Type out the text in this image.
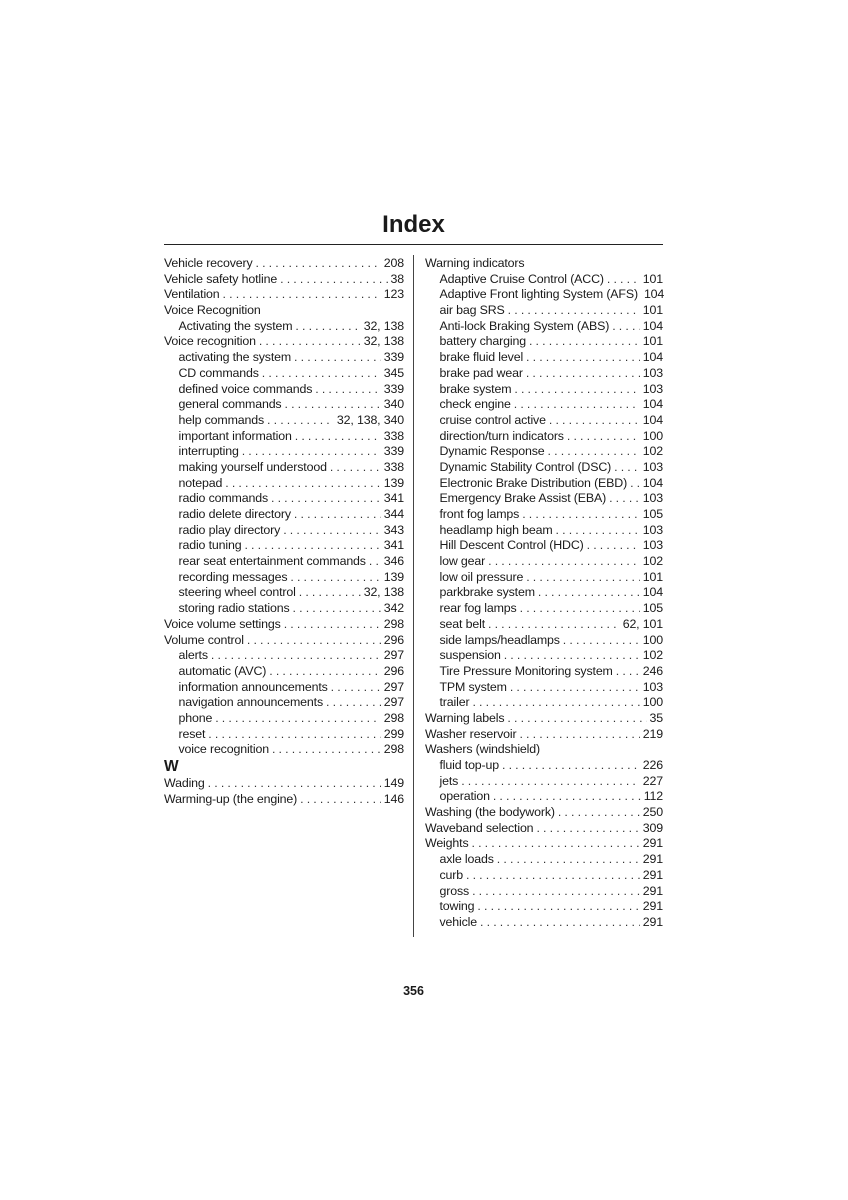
Index
Vehicle recovery . . .	208
Vehicle safety hotline . . .	38
Ventilation . . .	123
Voice Recognition
Activating the system . . .	32, 138
Voice recognition . . .	32, 138
activating the system . . .	339
CD commands . . .	345
defined voice commands . . .	339
general commands . . .	340
help commands . . .	32, 138, 340
important information . . .	338
interrupting . . .	339
making yourself understood . . .	338
notepad . . .	139
radio commands . . .	341
radio delete directory . . .	344
radio play directory . . .	343
radio tuning . . .	341
rear seat entertainment commands . . . 346
recording messages . . .	139
steering wheel control . . .	32, 138
storing radio stations . . .	342
Voice volume settings . . .	298
Volume control . . .	296
alerts . . .	297
automatic (AVC) . . .	296
information announcements . . .	297
navigation announcements . . .	297
phone . . .	298
reset . . .	299
voice recognition . . .	298
W
Wading . . .	149
Warming-up (the engine) . . .	146
Warning indicators
Adaptive Cruise Control (ACC) . . .	101
Adaptive Front lighting System (AFS) 104
air bag SRS . . .	101
Anti-lock Braking System (ABS) . . .	104
battery charging . . .	101
brake fluid level . . .	104
brake pad wear . . .	103
brake system . . .	103
check engine . . .	104
cruise control active . . .	104
direction/turn indicators . . .	100
Dynamic Response . . .	102
Dynamic Stability Control (DSC) . . .	103
Electronic Brake Distribution (EBD) . . . 104
Emergency Brake Assist (EBA) . . .	103
front fog lamps . . .	105
headlamp high beam . . .	103
Hill Descent Control (HDC) . . .	103
low gear . . .	102
low oil pressure . . .	101
parkbrake system . . .	104
rear fog lamps . . .	105
seat belt . . .	62, 101
side lamps/headlamps . . .	100
suspension . . .	102
Tire Pressure Monitoring system . . . 246
TPM system . . .	103
trailer . . .	100
Warning labels . . .	35
Washer reservoir . . .	219
Washers (windshield)
fluid top-up . . .	226
jets . . .	227
operation . . .	112
Washing (the bodywork) . . .	250
Waveband selection . . .	309
Weights . . .	291
axle loads . . .	291
curb . . .	291
gross . . .	291
towing . . .	291
vehicle . . .	291
356
